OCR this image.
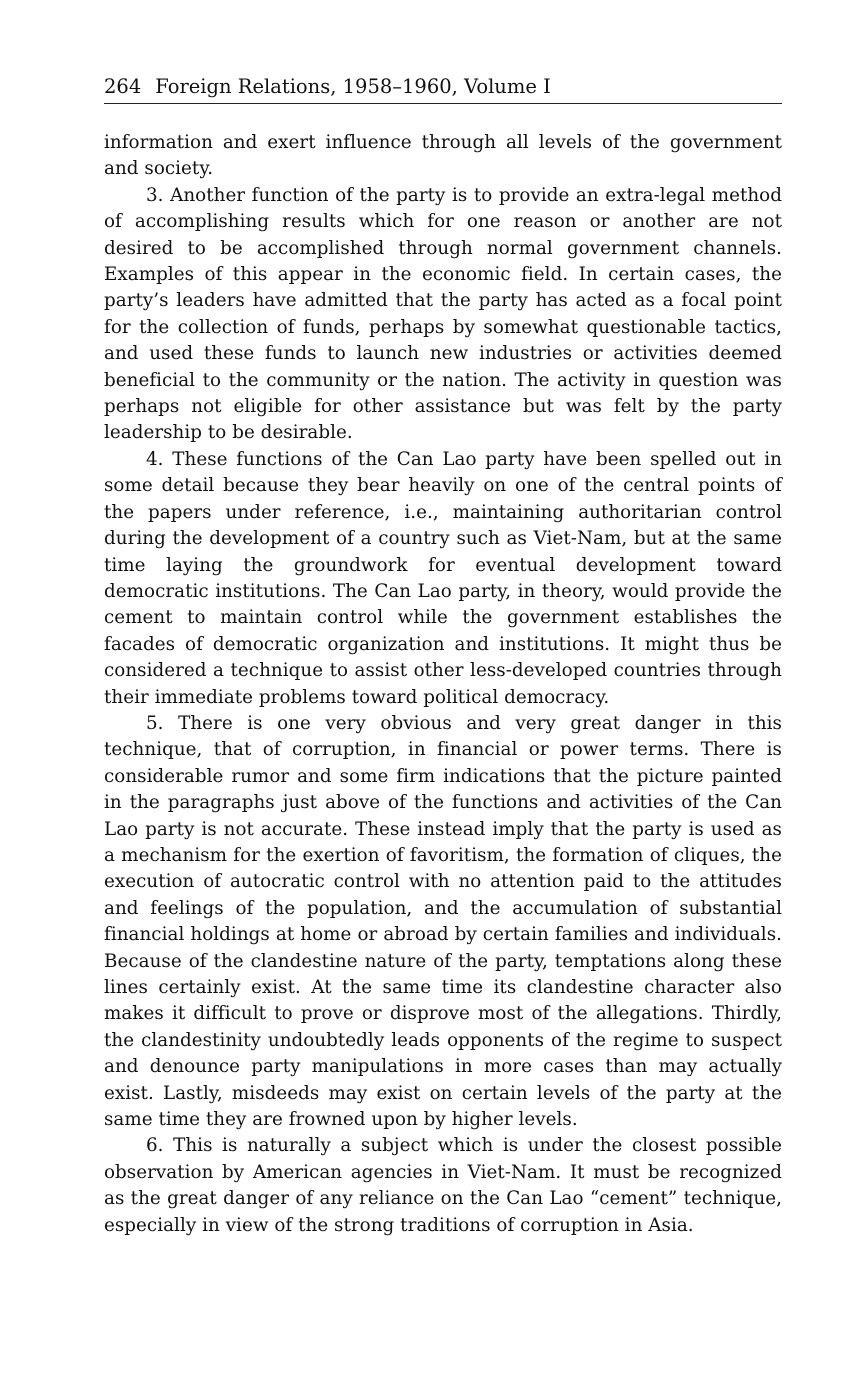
264 Foreign Relations, 1958–1960, Volume I

information and exert influence through all levels of the government and society.

3. Another function of the party is to provide an extra-legal method of accomplishing results which for one reason or another are not desired to be accomplished through normal government channels. Examples of this appear in the economic field. In certain cases, the party’s leaders have admitted that the party has acted as a focal point for the collection of funds, perhaps by somewhat questionable tactics, and used these funds to launch new industries or activities deemed beneficial to the community or the nation. The activity in question was perhaps not eligible for other assistance but was felt by the party leadership to be desirable.

4. These functions of the Can Lao party have been spelled out in some detail because they bear heavily on one of the central points of the papers under reference, i.e., maintaining authoritarian control during the development of a country such as Viet-Nam, but at the same time laying the groundwork for eventual development toward democratic institutions. The Can Lao party, in theory, would provide the cement to maintain control while the government establishes the facades of democratic organization and institutions. It might thus be considered a technique to assist other less-developed countries through their immediate problems toward political democracy.

5. There is one very obvious and very great danger in this technique, that of corruption, in financial or power terms. There is considerable rumor and some firm indications that the picture painted in the paragraphs just above of the functions and activities of the Can Lao party is not accurate. These instead imply that the party is used as a mechanism for the exertion of favoritism, the formation of cliques, the execution of autocratic control with no attention paid to the attitudes and feelings of the population, and the accumulation of substantial financial holdings at home or abroad by certain families and individuals. Because of the clandestine nature of the party, temptations along these lines certainly exist. At the same time its clandestine character also makes it difficult to prove or disprove most of the allegations. Thirdly, the clandestinity undoubtedly leads opponents of the regime to suspect and denounce party manipulations in more cases than may actually exist. Lastly, misdeeds may exist on certain levels of the party at the same time they are frowned upon by higher levels.

6. This is naturally a subject which is under the closest possible observation by American agencies in Viet-Nam. It must be recognized as the great danger of any reliance on the Can Lao “cement” technique, especially in view of the strong traditions of corruption in Asia.
